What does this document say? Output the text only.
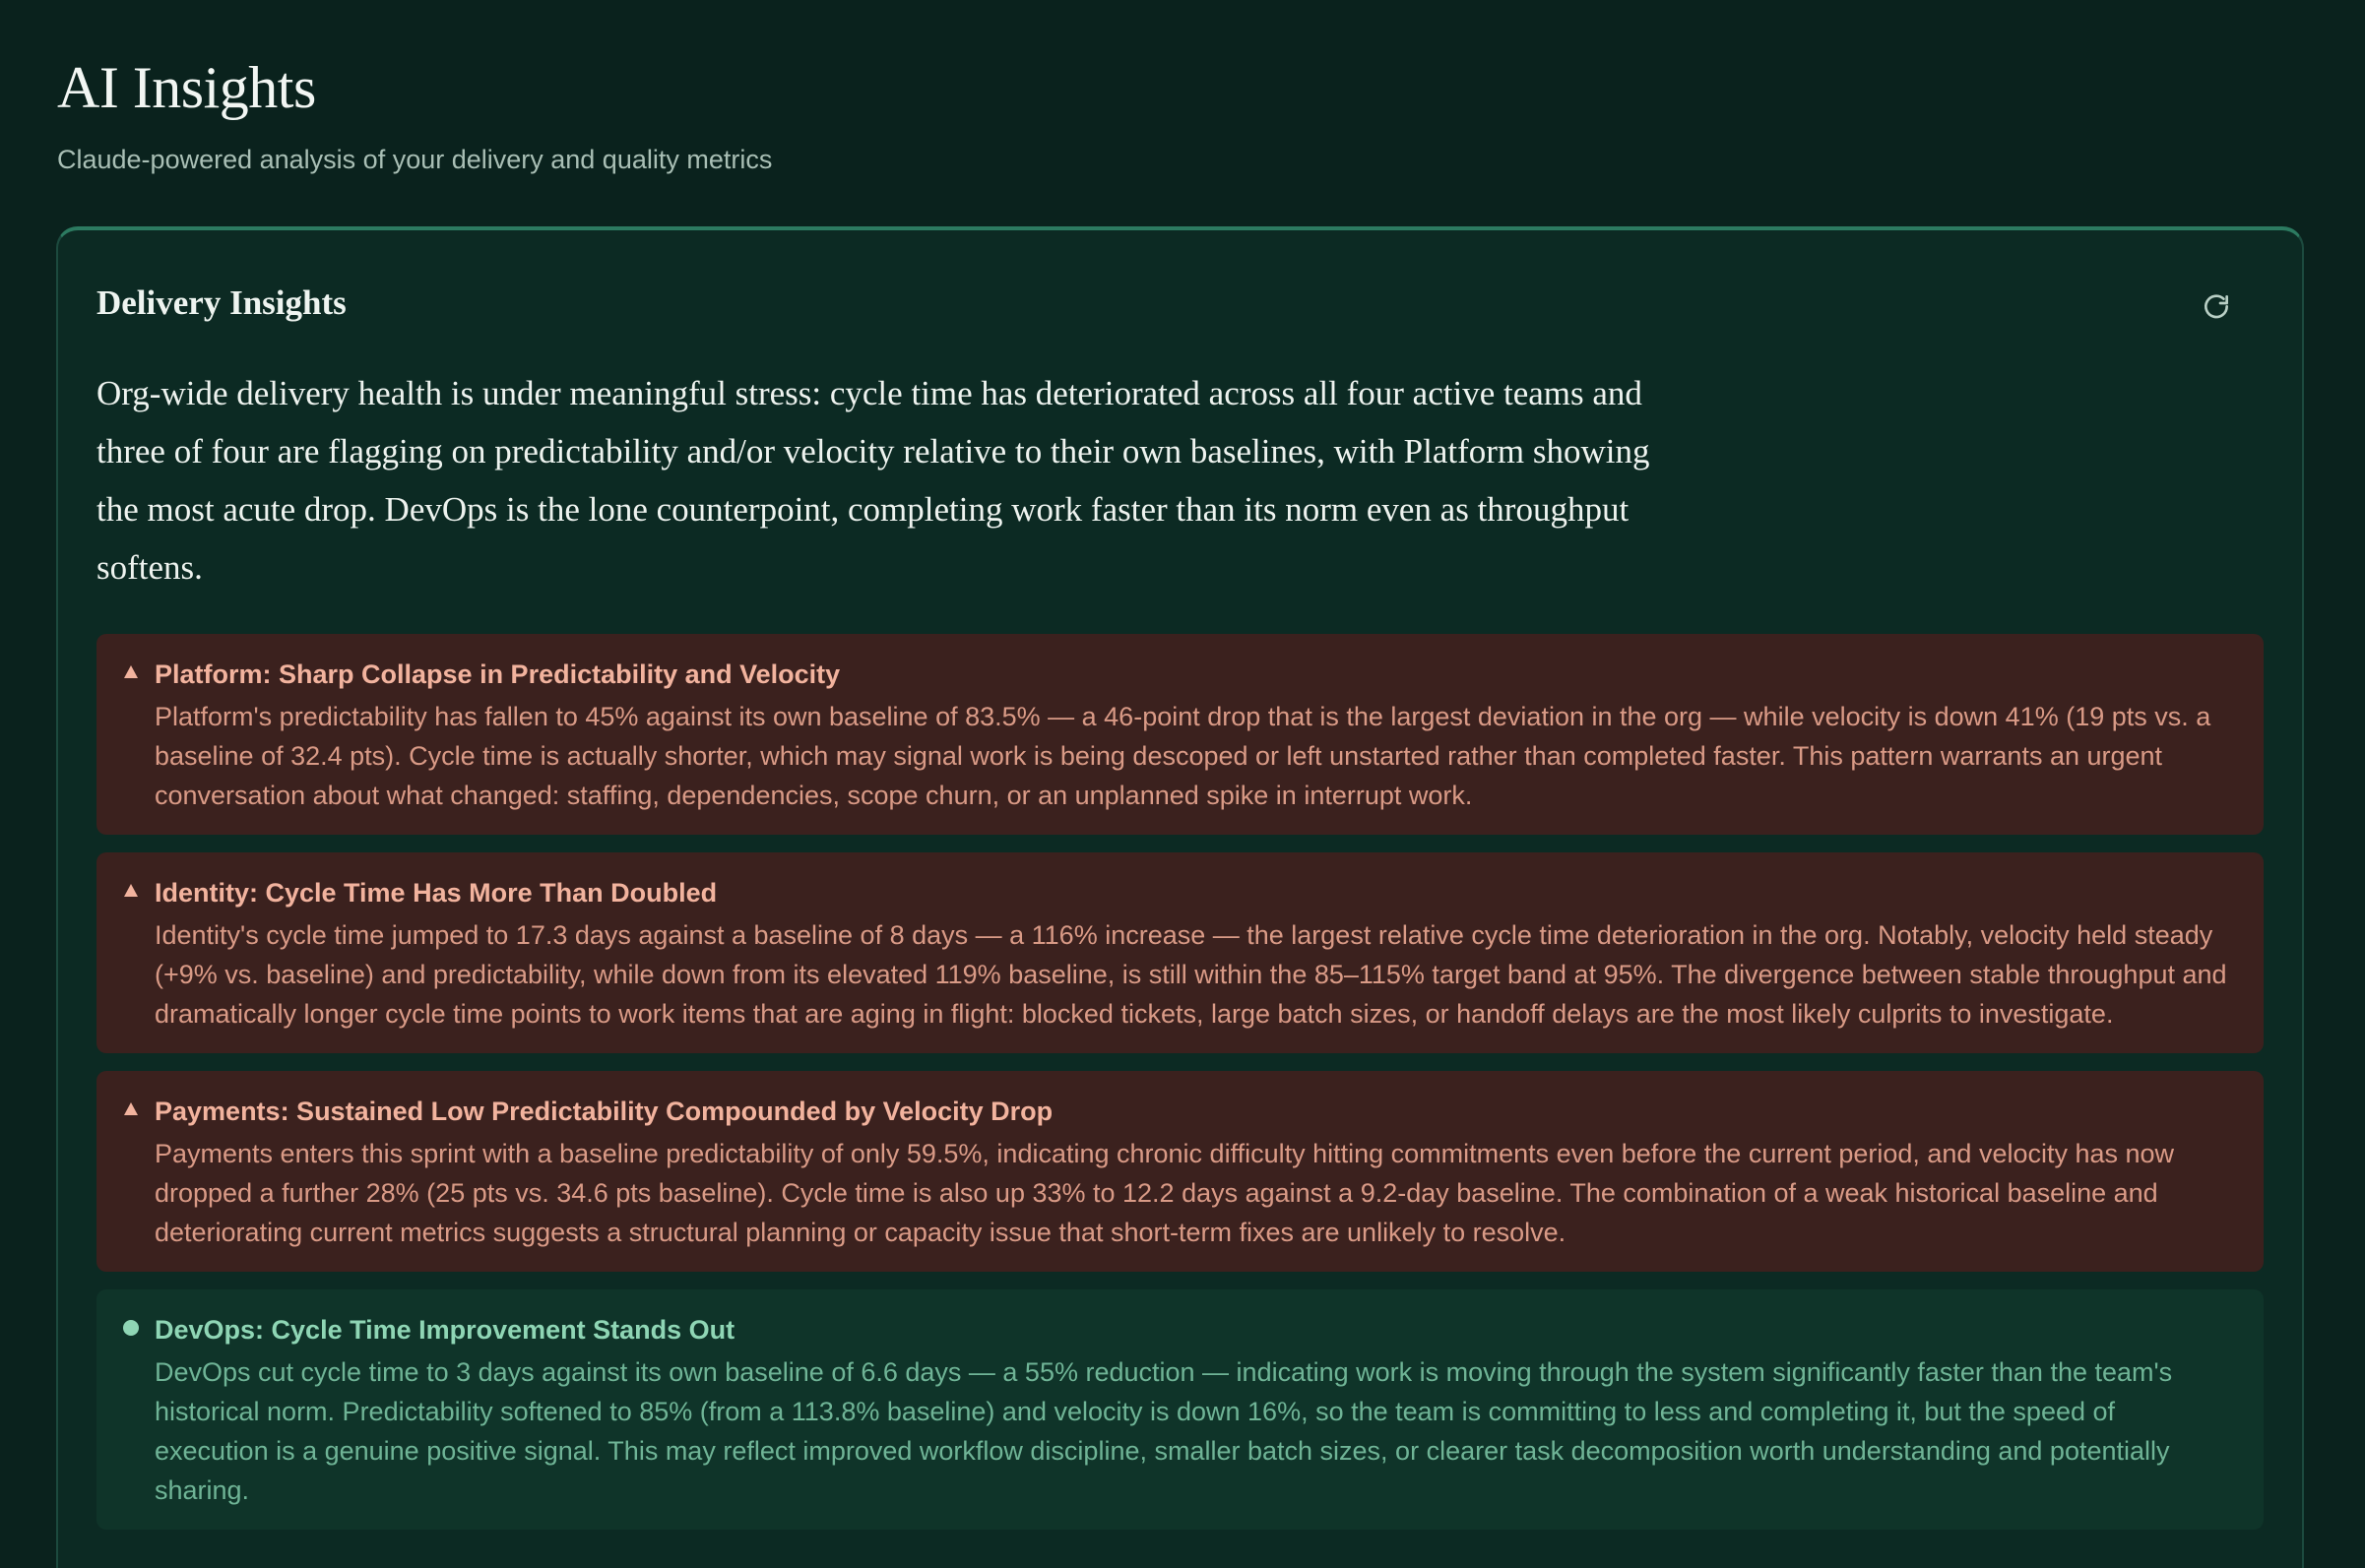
AI Insights

Claude-powered analysis of your delivery and quality metrics

Delivery Insights

Org-wide delivery health is under meaningful stress: cycle time has deteriorated across all four active teams and three of four are flagging on predictability and/or velocity relative to their own baselines, with Platform showing the most acute drop. DevOps is the lone counterpoint, completing work faster than its norm even as throughput softens.

Platform: Sharp Collapse in Predictability and Velocity
Platform's predictability has fallen to 45% against its own baseline of 83.5% — a 46-point drop that is the largest deviation in the org — while velocity is down 41% (19 pts vs. a baseline of 32.4 pts). Cycle time is actually shorter, which may signal work is being descoped or left unstarted rather than completed faster. This pattern warrants an urgent conversation about what changed: staffing, dependencies, scope churn, or an unplanned spike in interrupt work.
Identity: Cycle Time Has More Than Doubled
Identity's cycle time jumped to 17.3 days against a baseline of 8 days — a 116% increase — the largest relative cycle time deterioration in the org. Notably, velocity held steady (+9% vs. baseline) and predictability, while down from its elevated 119% baseline, is still within the 85–115% target band at 95%. The divergence between stable throughput and dramatically longer cycle time points to work items that are aging in flight: blocked tickets, large batch sizes, or handoff delays are the most likely culprits to investigate.
Payments: Sustained Low Predictability Compounded by Velocity Drop
Payments enters this sprint with a baseline predictability of only 59.5%, indicating chronic difficulty hitting commitments even before the current period, and velocity has now dropped a further 28% (25 pts vs. 34.6 pts baseline). Cycle time is also up 33% to 12.2 days against a 9.2-day baseline. The combination of a weak historical baseline and deteriorating current metrics suggests a structural planning or capacity issue that short-term fixes are unlikely to resolve.
DevOps: Cycle Time Improvement Stands Out
DevOps cut cycle time to 3 days against its own baseline of 6.6 days — a 55% reduction — indicating work is moving through the system significantly faster than the team's historical norm. Predictability softened to 85% (from a 113.8% baseline) and velocity is down 16%, so the team is committing to less and completing it, but the speed of execution is a genuine positive signal. This may reflect improved workflow discipline, smaller batch sizes, or clearer task decomposition worth understanding and potentially sharing.
